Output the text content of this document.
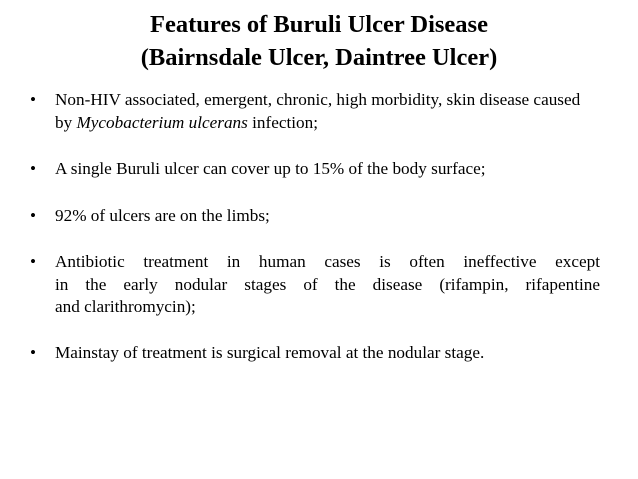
Features of Buruli Ulcer Disease
(Bairnsdale Ulcer, Daintree Ulcer)
• Non-HIV associated, emergent, chronic, high morbidity, skin disease caused by Mycobacterium ulcerans infection;
• A single Buruli ulcer can cover up to 15% of the body surface;
• 92% of ulcers are on the limbs;
• Antibiotic treatment in human cases is often ineffective except
in the early nodular stages of the disease (rifampin, rifapentine
and clarithromycin);
• Mainstay of treatment is surgical removal at the nodular stage.
